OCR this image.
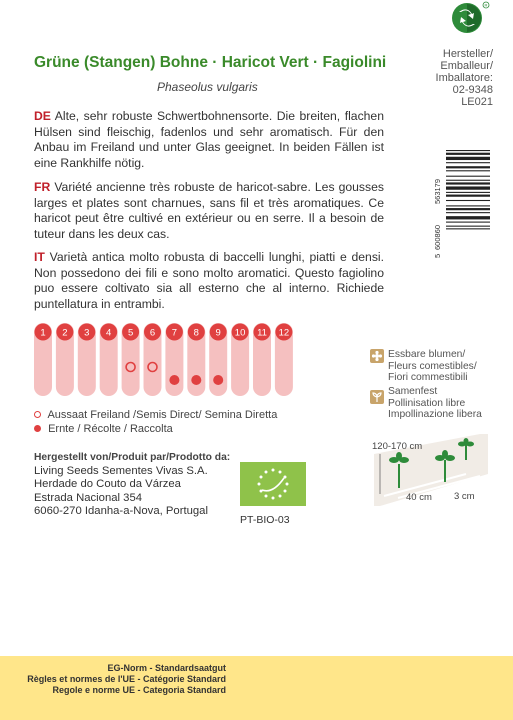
R
Grüne (Stangen) Bohne · Haricot Vert · Fagiolini
Phaseolus vulgaris
Hersteller/
Emballeur/
Imballatore:
02-9348
LE021
DE Alte, sehr robuste Schwertbohnensorte. Die breiten, flachen Hülsen sind fleischig, fadenlos und sehr aromatisch. Für den Anbau im Freiland und unter Glas geeignet. In beiden Fällen ist eine Rankhilfe nötig.
FR Variété ancienne très robuste de haricot-sabre. Les gousses larges et plates sont charnues, sans fil et très aromatiques. Ce haricot peut être cultivé en extérieur ou en serre. Il a besoin de tuteur dans les deux cas.
IT Varietà antica molto robusta di baccelli lunghi, piatti e densi. Non possedono dei fili e sono molto aromatici. Questo fagiolino puo essere coltivato sia all esterno che al interno. Richiede puntellatura in entrambi.
5
600860
563179
1 2 3 4 5 6 7 8 9 10 11 12
Aussaat Freiland /Semis Direct/ Semina Diretta
Ernte / Récolte / Raccolta
Hergestellt von/Produit par/Prodotto da:
Living Seeds Sementes Vivas S.A.
Herdade do Couto da Várzea
Estrada Nacional 354
6060-270 Idanha-a-Nova, Portugal
PT-BIO-03
Essbare blumen/
Fleurs comestibles/
Fiori commestibili
Samenfest
Pollinisation libre
Impollinazione libera
120-170 cm
40 cm 3 cm
EG-Norm - Standardsaatgut
Règles et normes de l'UE - Catégorie Standard
Regole e norme UE - Categoria Standard
